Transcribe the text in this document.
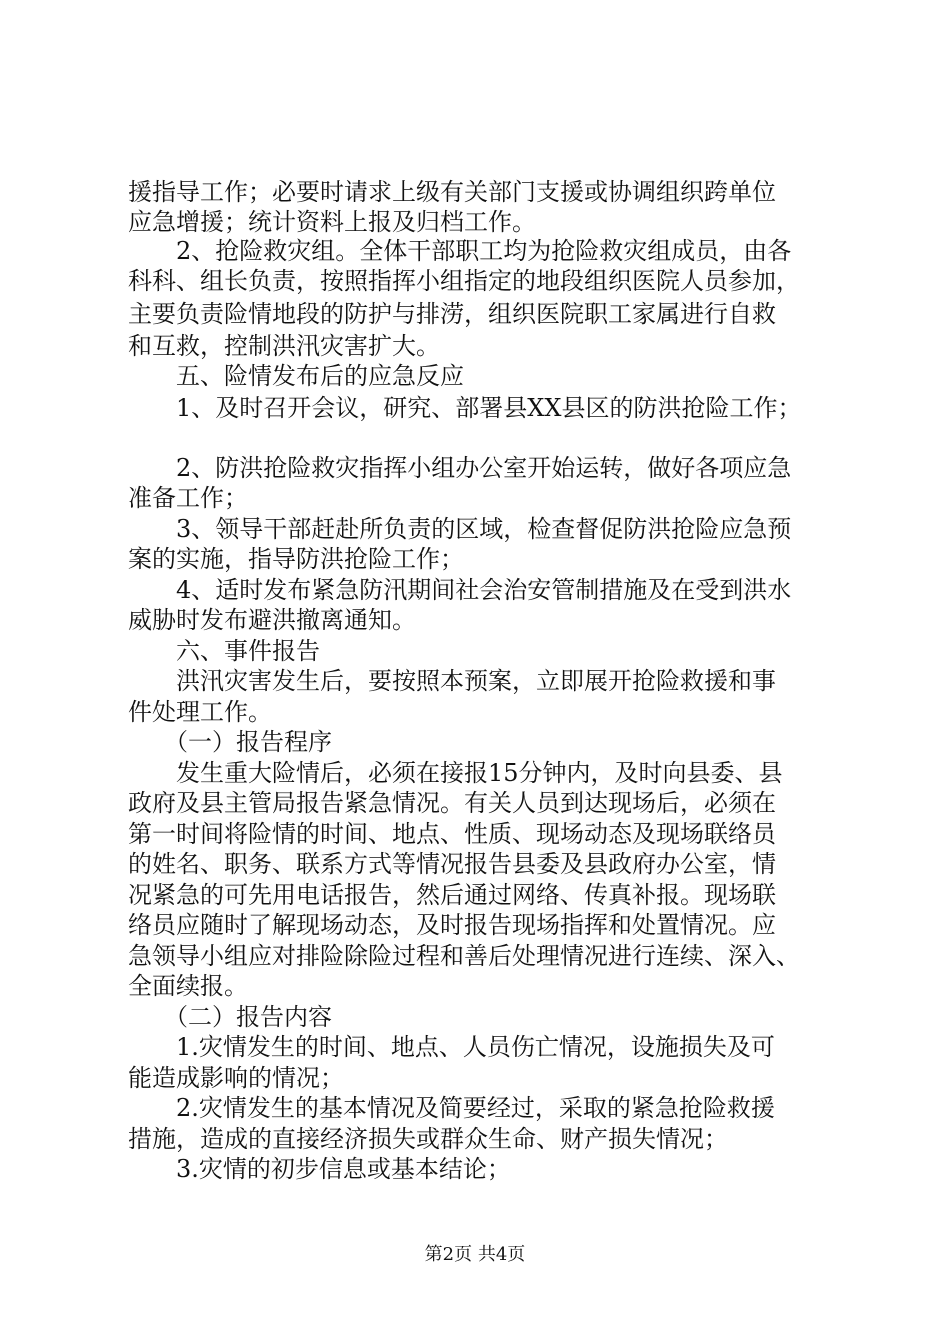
援指导工作；必要时请求上级有关部门支援或协调组织跨单位

应急增援；统计资料上报及归档工作。

　　2、抢险救灾组。全体干部职工均为抢险救灾组成员，由各

科科、组长负责，按照指挥小组指定的地段组织医院人员参加，

主要负责险情地段的防护与排涝，组织医院职工家属进行自救

和互救，控制洪汛灾害扩大。

　　五、险情发布后的应急反应

　　1、及时召开会议，研究、部署县XX县区的防洪抢险工作；

　　2、防洪抢险救灾指挥小组办公室开始运转，做好各项应急

准备工作；

　　3、领导干部赶赴所负责的区域，检查督促防洪抢险应急预

案的实施，指导防洪抢险工作；

　　4、适时发布紧急防汛期间社会治安管制措施及在受到洪水

威胁时发布避洪撤离通知。

　　六、事件报告

　　洪汛灾害发生后，要按照本预案，立即展开抢险救援和事

件处理工作。

　　（一）报告程序

　　发生重大险情后，必须在接报15分钟内，及时向县委、县

政府及县主管局报告紧急情况。有关人员到达现场后，必须在

第一时间将险情的时间、地点、性质、现场动态及现场联络员

的姓名、职务、联系方式等情况报告县委及县政府办公室，情

况紧急的可先用电话报告，然后通过网络、传真补报。现场联

络员应随时了解现场动态，及时报告现场指挥和处置情况。应

急领导小组应对排险除险过程和善后处理情况进行连续、深入、

全面续报。

　　（二）报告内容

　　1.灾情发生的时间、地点、人员伤亡情况，设施损失及可

能造成影响的情况；

　　2.灾情发生的基本情况及简要经过，采取的紧急抢险救援

措施，造成的直接经济损失或群众生命、财产损失情况；

　　3.灾情的初步信息或基本结论；

第2页 共4页
